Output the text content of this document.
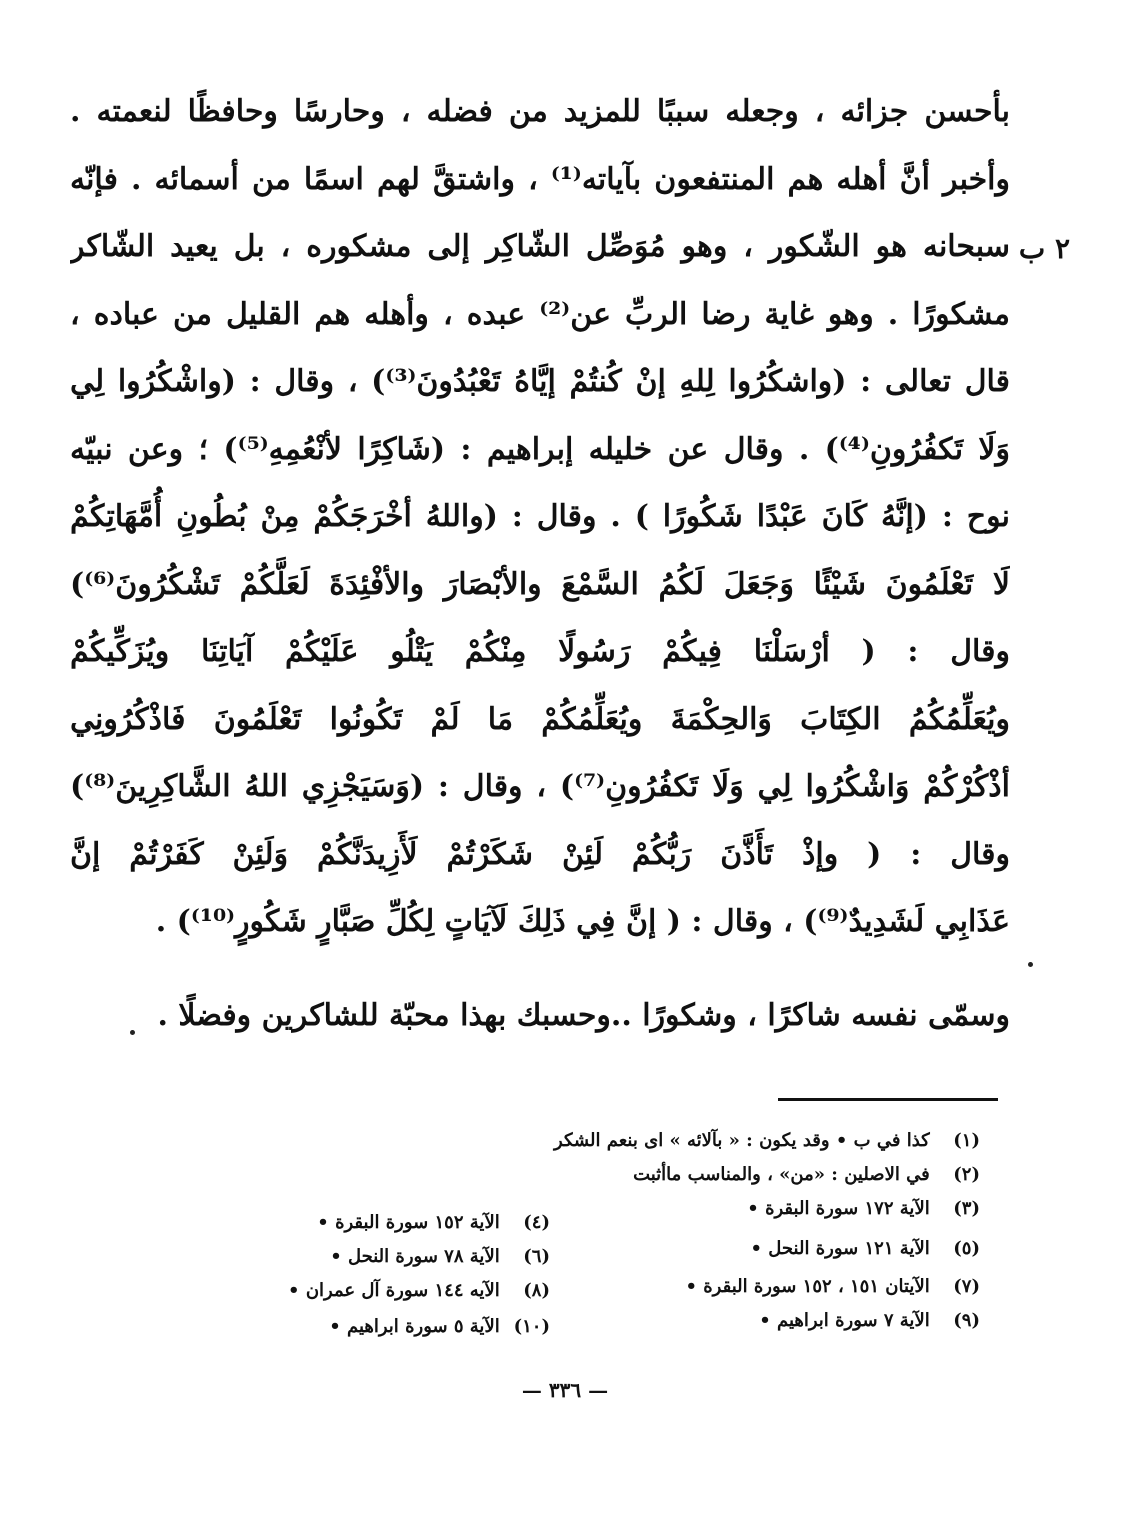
٢ ب
بأحسن جزائه ، وجعله سببًا للمزيد من فضله ، وحارسًا وحافظًا لنعمته .
وأخبر أنَّ أهله هم المنتفعون بآياته⁽¹⁾ ، واشتقَّ لهم اسمًا من أسمائه . فإنّه
سبحانه هو الشّكور ، وهو مُوَصِّل الشّاكِر إلى مشكوره ، بل يعيد الشّاكر
مشكورًا . وهو غاية رضا الربِّ عن⁽²⁾ عبده ، وأهله هم القليل من عباده ،
قال تعالى : (واشكُرُوا لِلهِ إنْ كُنتُمْ إيَّاهُ تَعْبُدُونَ⁽³⁾) ، وقال : (واشْكُرُوا لِي
وَلَا تَكفُرُونِ⁽⁴⁾) . وقال عن خليله إبراهيم : (شَاكِرًا لأنْعُمِهِ⁽⁵⁾) ؛ وعن نبيّه
نوح : (إنَّهُ كَانَ عَبْدًا شَكُورًا ) . وقال : (واللهُ أخْرَجَكُمْ مِنْ بُطُونِ أُمَّهَاتِكُمْ
لَا تَعْلَمُونَ شَيْئًا وَجَعَلَ لَكُمُ السَّمْعَ والأبْصَارَ والأفْئِدَةَ لَعَلَّكُمْ تَشْكُرُونَ⁽⁶⁾)
وقال : ( أرْسَلْنَا فِيكُمْ رَسُولًا مِنْكُمْ يَتْلُو عَلَيْكُمْ آيَاتِنَا ويُزَكِّيكُمْ
ويُعَلِّمُكُمُ الكِتَابَ وَالحِكْمَةَ ويُعَلِّمُكُمْ مَا لَمْ تَكُونُوا تَعْلَمُونَ فَاذْكُرُونِي
أذْكُرْكُمْ وَاشْكُرُوا لِي وَلَا تَكفُرُونِ⁽⁷⁾) ، وقال : (وَسَيَجْزِي اللهُ الشَّاكِرِينَ⁽⁸⁾)
وقال : ( وإذْ تَأَذَّنَ رَبُّكُمْ لَئِنْ شَكَرْتُمْ لَأَزِيدَنَّكُمْ وَلَئِنْ كَفَرْتُمْ إنَّ
عَذَابِي لَشَدِيدٌ⁽⁹⁾) ، وقال : ( إنَّ فِي ذَلِكَ لَآيَاتٍ لِكُلِّ صَبَّارٍ شَكُورٍ⁽¹⁰⁾) .
وسمّى نفسه شاكرًا ، وشكورًا ..وحسبك بهذا محبّة للشاكرين وفضلًا .
(١) كذا في ب • وقد يكون : « بآلائه » اى بنعم الشكر
(٢) في الاصلين : «من» ، والمناسب ماأثبت
(٣) الآية ١٧٢ سورة البقرة •
(٤) الآية ١٥٢ سورة البقرة •
(٥) الآية ١٢١ سورة النحل •
(٦) الآية ٧٨ سورة النحل •
(٧) الآيتان ١٥١ ، ١٥٢ سورة البقرة •
(٨) الآيه ١٤٤ سورة آل عمران •
(٩) الآية ٧ سورة ابراهيم •
(١٠) الآية ٥ سورة ابراهيم •
— ٣٣٦ —
